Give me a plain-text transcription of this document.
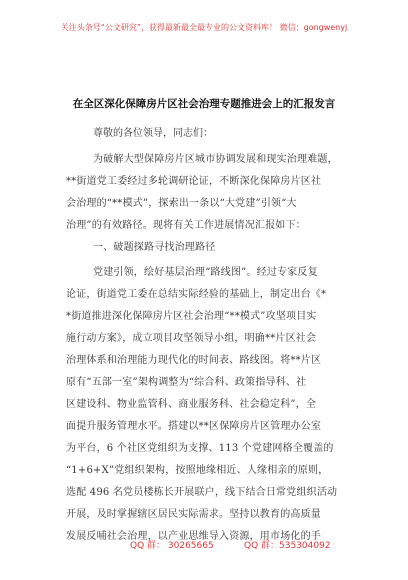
关注头条号“公文研究”，获得最新最全最专业的公文资料库！ 微信：gongwenyj
在全区深化保障房片区社会治理专题推进会上的汇报发言
尊敬的各位领导，同志们：
为破解大型保障房片区城市协调发展和现实治理难题，
**街道党工委经过多轮调研论证，不断深化保障房片区社
会治理的“**模式”，探索出一条以“大党建”引领“大
治理”的有效路径。现将有关工作进展情况汇报如下：
一、破题探路寻找治理路径
党建引领，绘好基层治理“路线图”。经过专家反复
论证，街道党工委在总结实际经验的基础上，制定出台《*
*街道推进深化保障房片区社会治理“**模式”攻坚项目实
施行动方案》，成立项目攻坚领导小组，明确**片区社会
治理体系和治理能力现代化的时间表、路线图。将**片区
原有“五部一室”架构调整为“综合科、政策指导科、社
区建设科、物业监管科、商业服务科、社会稳定科”，全
面提升服务管理水平。搭建以**区保障房片区管理办公室
为平台，6 个社区党组织为支撑、113 个党建网格全覆盖的
“1+6+X”党组织架构，按照地缘相近、人缘相亲的原则，
选配 496 名党员楼栋长开展联户，线下结合日常党组织活动
开展，及时掌握辖区居民实际需求。坚持以教育的高质量
发展反哺社会治理，以产业思维导入资源，用市场化的手
QQ 群： 30265665	QQ 群：535304092
